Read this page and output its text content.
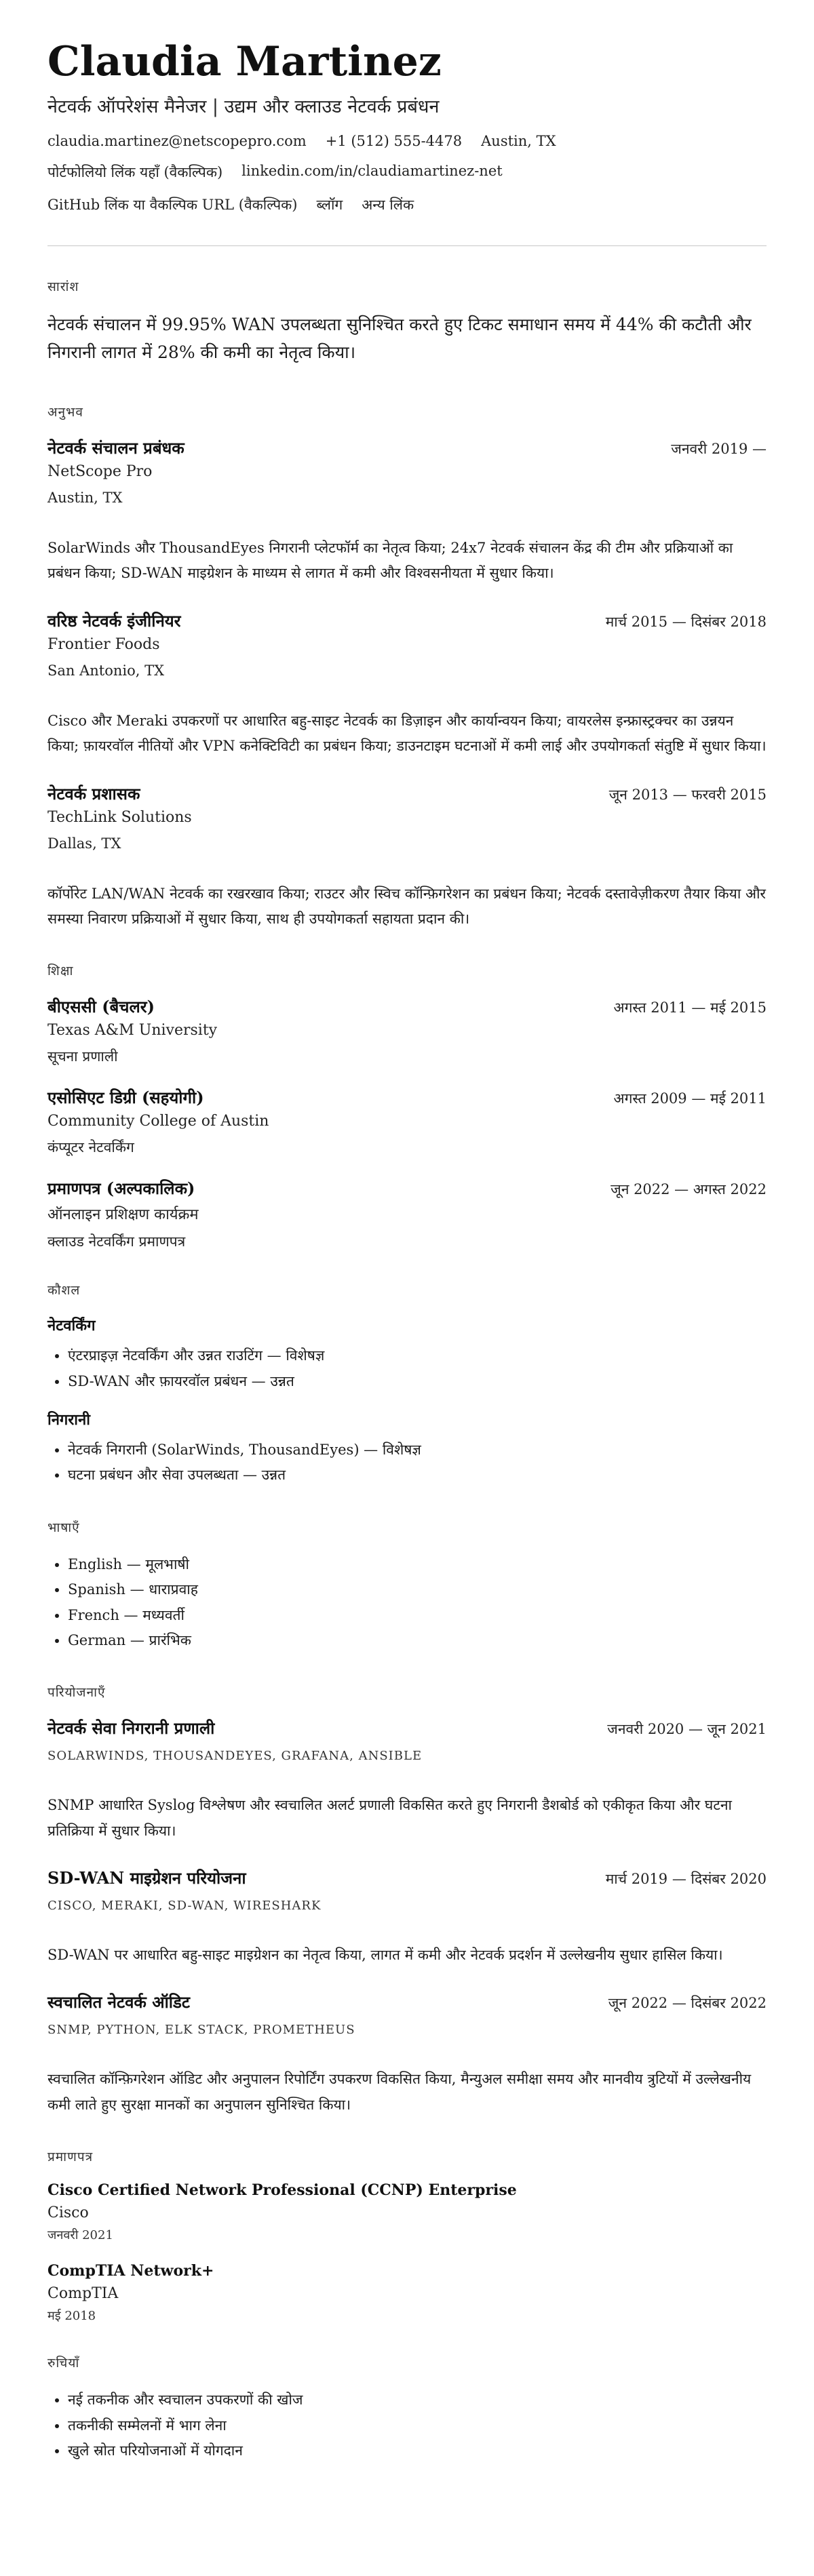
Claudia Martinez
नेटवर्क ऑपरेशंस मैनेजर | उद्यम और क्लाउड नेटवर्क प्रबंधन
claudia.martinez@netscopepro.com +1 (512) 555-4478 Austin, TX
पोर्टफोलियो लिंक यहाँ (वैकल्पिक) linkedin.com/in/claudiamartinez-net
GitHub लिंक या वैकल्पिक URL (वैकल्पिक) ब्लॉग अन्य लिंक
सारांश
नेटवर्क संचालन में 99.95% WAN उपलब्धता सुनिश्चित करते हुए टिकट समाधान समय में 44% की कटौती और निगरानी लागत में 28% की कमी का नेतृत्व किया।
अनुभव
नेटवर्क संचालन प्रबंधक	जनवरी 2019 —
NetScope Pro
Austin, TX
SolarWinds और ThousandEyes निगरानी प्लेटफॉर्म का नेतृत्व किया; 24x7 नेटवर्क संचालन केंद्र की टीम और प्रक्रियाओं का प्रबंधन किया; SD-WAN माइग्रेशन के माध्यम से लागत में कमी और विश्वसनीयता में सुधार किया।
वरिष्ठ नेटवर्क इंजीनियर	मार्च 2015 — दिसंबर 2018
Frontier Foods
San Antonio, TX
Cisco और Meraki उपकरणों पर आधारित बहु-साइट नेटवर्क का डिज़ाइन और कार्यान्वयन किया; वायरलेस इन्फ्रास्ट्रक्चर का उन्नयन किया; फ़ायरवॉल नीतियों और VPN कनेक्टिविटी का प्रबंधन किया; डाउनटाइम घटनाओं में कमी लाई और उपयोगकर्ता संतुष्टि में सुधार किया।
नेटवर्क प्रशासक	जून 2013 — फरवरी 2015
TechLink Solutions
Dallas, TX
कॉर्पोरेट LAN/WAN नेटवर्क का रखरखाव किया; राउटर और स्विच कॉन्फ़िगरेशन का प्रबंधन किया; नेटवर्क दस्तावेज़ीकरण तैयार किया और समस्या निवारण प्रक्रियाओं में सुधार किया, साथ ही उपयोगकर्ता सहायता प्रदान की।
शिक्षा
बीएससी (बैचलर)	अगस्त 2011 — मई 2015
Texas A&M University
सूचना प्रणाली
एसोसिएट डिग्री (सहयोगी)	अगस्त 2009 — मई 2011
Community College of Austin
कंप्यूटर नेटवर्किंग
प्रमाणपत्र (अल्पकालिक)	जून 2022 — अगस्त 2022
ऑनलाइन प्रशिक्षण कार्यक्रम
क्लाउड नेटवर्किंग प्रमाणपत्र
कौशल
नेटवर्किंग
• एंटरप्राइज़ नेटवर्किंग और उन्नत राउटिंग — विशेषज्ञ
• SD-WAN और फ़ायरवॉल प्रबंधन — उन्नत
निगरानी
• नेटवर्क निगरानी (SolarWinds, ThousandEyes) — विशेषज्ञ
• घटना प्रबंधन और सेवा उपलब्धता — उन्नत
भाषाएँ
• English — मूलभाषी
• Spanish — धाराप्रवाह
• French — मध्यवर्ती
• German — प्रारंभिक
परियोजनाएँ
नेटवर्क सेवा निगरानी प्रणाली	जनवरी 2020 — जून 2021
SOLARWINDS, THOUSANDEYES, GRAFANA, ANSIBLE
SNMP आधारित Syslog विश्लेषण और स्वचालित अलर्ट प्रणाली विकसित करते हुए निगरानी डैशबोर्ड को एकीकृत किया और घटना प्रतिक्रिया में सुधार किया।
SD-WAN माइग्रेशन परियोजना	मार्च 2019 — दिसंबर 2020
CISCO, MERAKI, SD-WAN, WIRESHARK
SD-WAN पर आधारित बहु-साइट माइग्रेशन का नेतृत्व किया, लागत में कमी और नेटवर्क प्रदर्शन में उल्लेखनीय सुधार हासिल किया।
स्वचालित नेटवर्क ऑडिट	जून 2022 — दिसंबर 2022
SNMP, PYTHON, ELK STACK, PROMETHEUS
स्वचालित कॉन्फ़िगरेशन ऑडिट और अनुपालन रिपोर्टिंग उपकरण विकसित किया, मैन्युअल समीक्षा समय और मानवीय त्रुटियों में उल्लेखनीय कमी लाते हुए सुरक्षा मानकों का अनुपालन सुनिश्चित किया।
प्रमाणपत्र
Cisco Certified Network Professional (CCNP) Enterprise
Cisco
जनवरी 2021
CompTIA Network+
CompTIA
मई 2018
रुचियाँ
• नई तकनीक और स्वचालन उपकरणों की खोज
• तकनीकी सम्मेलनों में भाग लेना
• खुले स्रोत परियोजनाओं में योगदान
